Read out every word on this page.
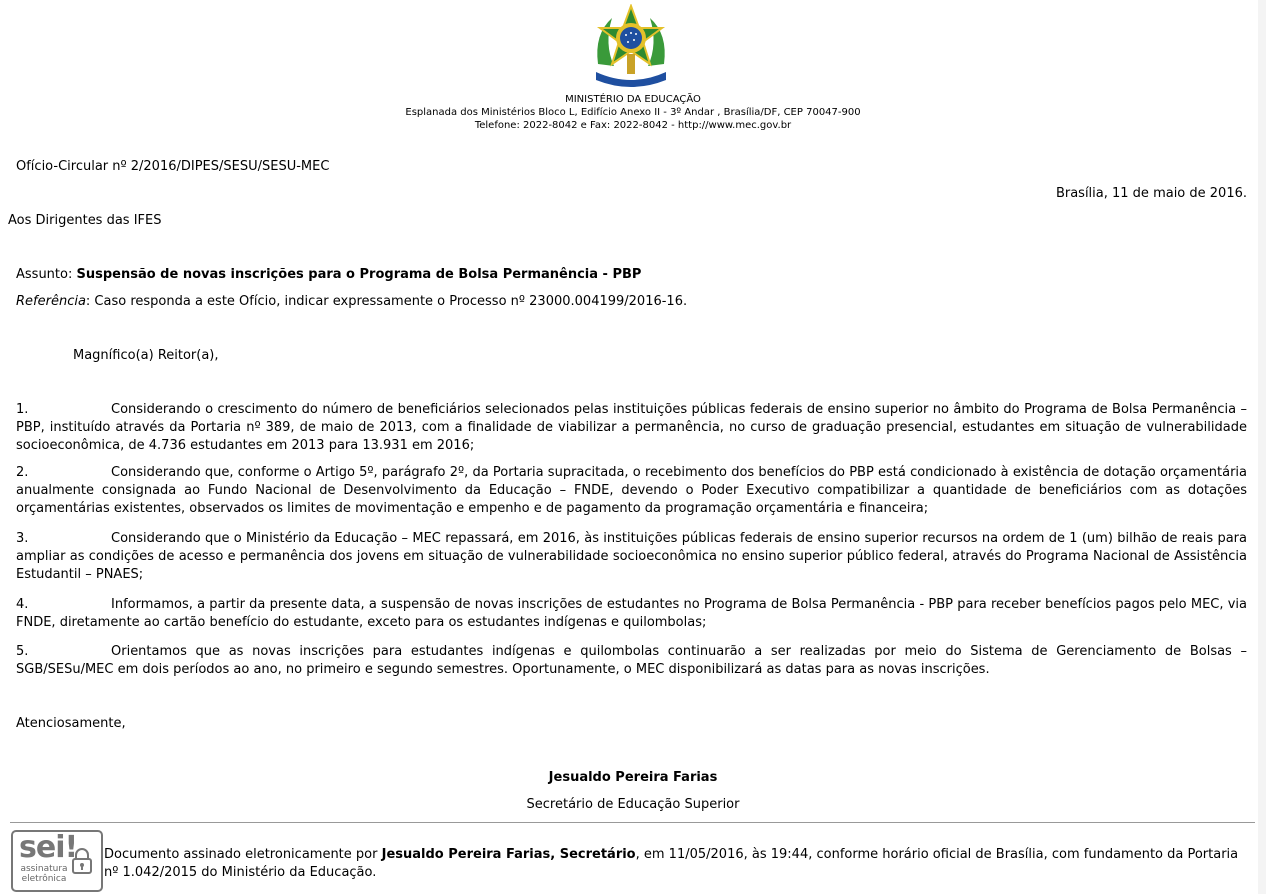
MINISTÉRIO DA EDUCAÇÃO
Esplanada dos Ministérios Bloco L, Edifício Anexo II - 3º Andar , Brasília/DF, CEP 70047-900
Telefone: 2022-8042 e Fax: 2022-8042 - http://www.mec.gov.br
Ofício-Circular nº 2/2016/DIPES/SESU/SESU-MEC
Brasília, 11 de maio de 2016.
Aos Dirigentes das IFES
Assunto: Suspensão de novas inscrições para o Programa de Bolsa Permanência - PBP
Referência: Caso responda a este Ofício, indicar expressamente o Processo nº 23000.004199/2016-16.
Magnífico(a) Reitor(a),
1.	Considerando o crescimento do número de beneficiários selecionados pelas instituições públicas federais de ensino superior no âmbito do Programa de Bolsa Permanência – PBP, instituído através da Portaria nº 389, de maio de 2013, com a finalidade de viabilizar a permanência, no curso de graduação presencial, estudantes em situação de vulnerabilidade socioeconômica, de 4.736 estudantes em 2013 para 13.931 em 2016;
2.	Considerando que, conforme o Artigo 5º, parágrafo 2º, da Portaria supracitada, o recebimento dos benefícios do PBP está condicionado à existência de dotação orçamentária anualmente consignada ao Fundo Nacional de Desenvolvimento da Educação – FNDE, devendo o Poder Executivo compatibilizar a quantidade de beneficiários com as dotações orçamentárias existentes, observados os limites de movimentação e empenho e de pagamento da programação orçamentária e financeira;
3.	Considerando que o Ministério da Educação – MEC repassará, em 2016, às instituições públicas federais de ensino superior recursos na ordem de 1 (um) bilhão de reais para ampliar as condições de acesso e permanência dos jovens em situação de vulnerabilidade socioeconômica no ensino superior público federal, através do Programa Nacional de Assistência Estudantil – PNAES;
4.	Informamos, a partir da presente data, a suspensão de novas inscrições de estudantes no Programa de Bolsa Permanência - PBP para receber benefícios pagos pelo MEC, via FNDE, diretamente ao cartão benefício do estudante, exceto para os estudantes indígenas e quilombolas;
5.	Orientamos que as novas inscrições para estudantes indígenas e quilombolas continuarão a ser realizadas por meio do Sistema de Gerenciamento de Bolsas – SGB/SESu/MEC em dois períodos ao ano, no primeiro e segundo semestres. Oportunamente, o MEC disponibilizará as datas para as novas inscrições.
Atenciosamente,
Jesualdo Pereira Farias
Secretário de Educação Superior
sei!
assinatura
eletrônica
Documento assinado eletronicamente por Jesualdo Pereira Farias, Secretário, em 11/05/2016, às 19:44, conforme horário oficial de Brasília, com fundamento da Portaria nº 1.042/2015 do Ministério da Educação.
